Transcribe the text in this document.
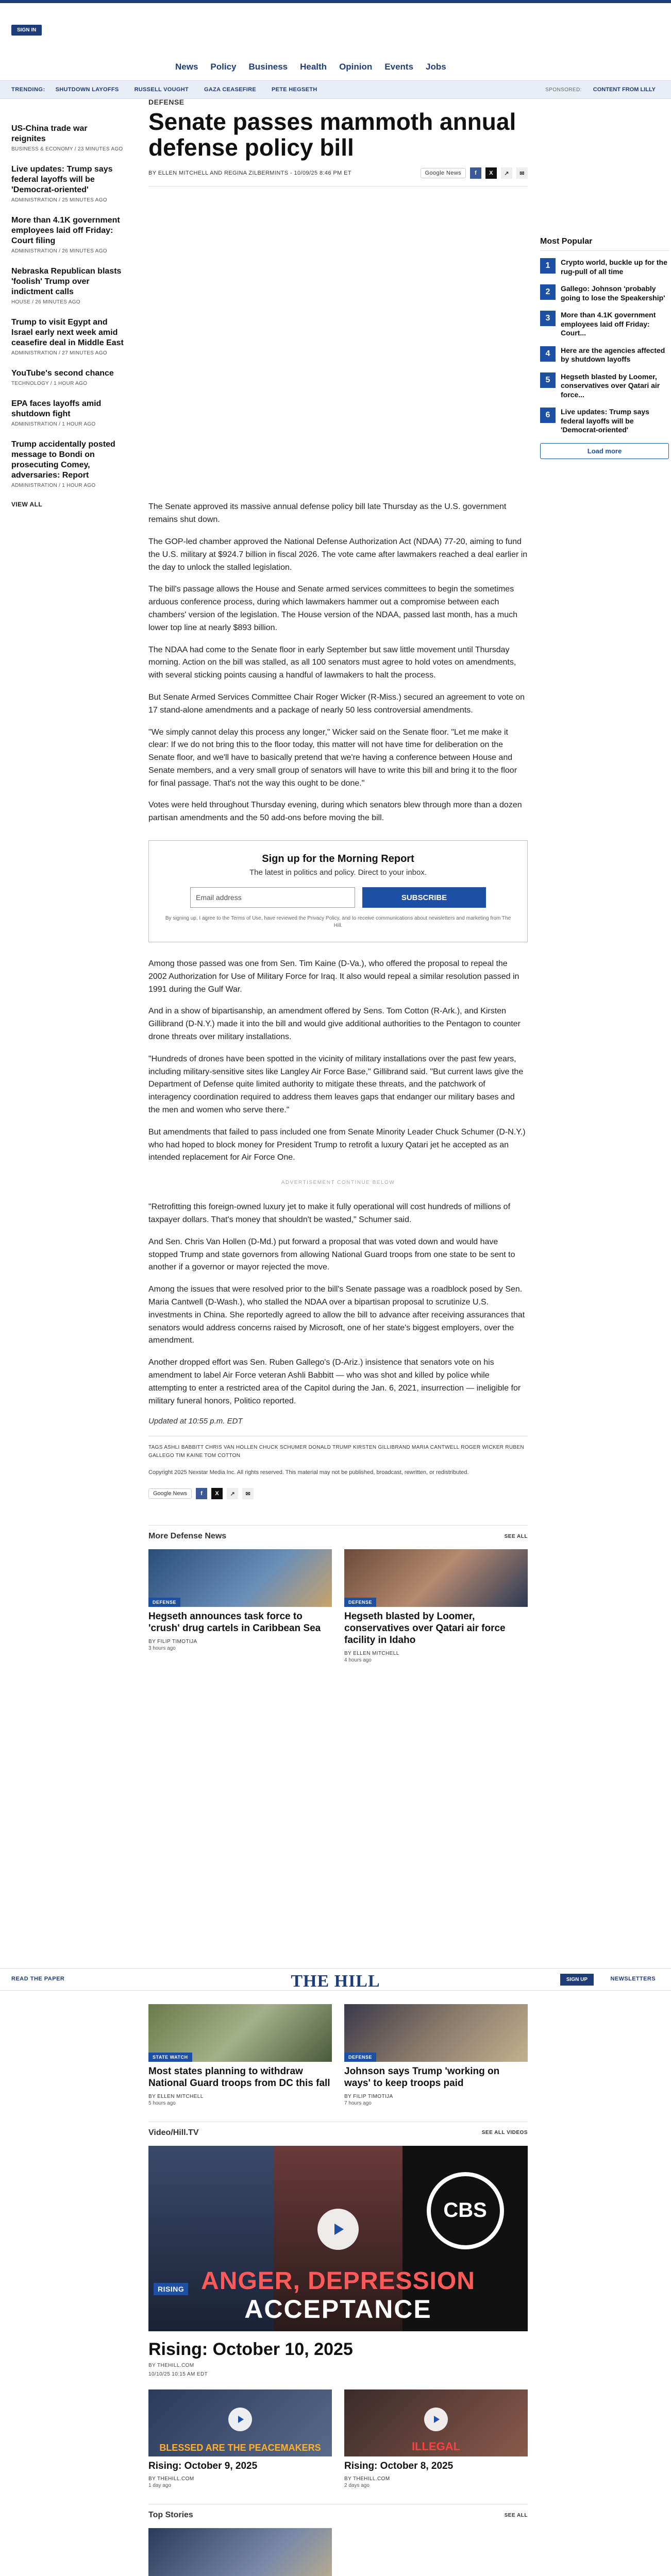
SIGN IN
News Policy Business Health Opinion Events Jobs
TRENDING: SHUTDOWN LAYOFFS	RUSSELL VOUGHT	GAZA CEASEFIRE	PETE HEGSETH	SPONSORED: CONTENT FROM LILLY
US-China trade war reignites
BUSINESS & ECONOMY / 23 MINUTES AGO
Live updates: Trump says federal layoffs will be 'Democrat-oriented'
ADMINISTRATION / 25 MINUTES AGO
More than 4.1K government employees laid off Friday: Court filing
ADMINISTRATION / 26 MINUTES AGO
Nebraska Republican blasts 'foolish' Trump over indictment calls
HOUSE / 26 MINUTES AGO
Trump to visit Egypt and Israel early next week amid ceasefire deal in Middle East
ADMINISTRATION / 27 MINUTES AGO
YouTube's second chance
TECHNOLOGY / 1 HOUR AGO
EPA faces layoffs amid shutdown fight
ADMINISTRATION / 1 HOUR AGO
Trump accidentally posted message to Bondi on prosecuting Comey, adversaries: Report
ADMINISTRATION / 1 HOUR AGO
VIEW ALL
DEFENSE
Senate passes mammoth annual defense policy bill
BY ELLEN MITCHELL AND REGINA ZILBERMINTS - 10/09/25 8:46 PM ET	Google News	f	X	↗	✉

The Senate approved its massive annual defense policy bill late Thursday as the U.S. government remains shut down.

The GOP-led chamber approved the National Defense Authorization Act (NDAA) 77-20, aiming to fund the U.S. military at $924.7 billion in fiscal 2026. The vote came after lawmakers reached a deal earlier in the day to unlock the stalled legislation.

The bill's passage allows the House and Senate armed services committees to begin the sometimes arduous conference process, during which lawmakers hammer out a compromise between each chambers' version of the legislation. The House version of the NDAA, passed last month, has a much lower top line at nearly $893 billion.

The NDAA had come to the Senate floor in early September but saw little movement until Thursday morning. Action on the bill was stalled, as all 100 senators must agree to hold votes on amendments, with several sticking points causing a handful of lawmakers to halt the process.

But Senate Armed Services Committee Chair Roger Wicker (R-Miss.) secured an agreement to vote on 17 stand-alone amendments and a package of nearly 50 less controversial amendments.

"We simply cannot delay this process any longer," Wicker said on the Senate floor. "Let me make it clear: If we do not bring this to the floor today, this matter will not have time for deliberation on the Senate floor, and we'll have to basically pretend that we're having a conference between House and Senate members, and a very small group of senators will have to write this bill and bring it to the floor for final passage. That's not the way this ought to be done."

Votes were held throughout Thursday evening, during which senators blew through more than a dozen partisan amendments and the 50 add-ons before moving the bill.

Sign up for the Morning Report
The latest in politics and policy. Direct to your inbox.
Email address	SUBSCRIBE
By signing up, I agree to the Terms of Use, have reviewed the Privacy Policy, and to receive communications about newsletters and marketing from The Hill.

Among those passed was one from Sen. Tim Kaine (D-Va.), who offered the proposal to repeal the 2002 Authorization for Use of Military Force for Iraq. It also would repeal a similar resolution passed in 1991 during the Gulf War.

And in a show of bipartisanship, an amendment offered by Sens. Tom Cotton (R-Ark.), and Kirsten Gillibrand (D-N.Y.) made it into the bill and would give additional authorities to the Pentagon to counter drone threats over military installations.

"Hundreds of drones have been spotted in the vicinity of military installations over the past few years, including military-sensitive sites like Langley Air Force Base," Gillibrand said. "But current laws give the Department of Defense quite limited authority to mitigate these threats, and the patchwork of interagency coordination required to address them leaves gaps that endanger our military bases and the men and women who serve there."

But amendments that failed to pass included one from Senate Minority Leader Chuck Schumer (D-N.Y.) who had hoped to block money for President Trump to retrofit a luxury Qatari jet he accepted as an intended replacement for Air Force One.

ADVERTISEMENT CONTINUE BELOW

"Retrofitting this foreign-owned luxury jet to make it fully operational will cost hundreds of millions of taxpayer dollars. That's money that shouldn't be wasted," Schumer said.

And Sen. Chris Van Hollen (D-Md.) put forward a proposal that was voted down and would have stopped Trump and state governors from allowing National Guard troops from one state to be sent to another if a governor or mayor rejected the move.

Among the issues that were resolved prior to the bill's Senate passage was a roadblock posed by Sen. Maria Cantwell (D-Wash.), who stalled the NDAA over a bipartisan proposal to scrutinize U.S. investments in China. She reportedly agreed to allow the bill to advance after receiving assurances that senators would address concerns raised by Microsoft, one of her state's biggest employers, over the amendment.

Another dropped effort was Sen. Ruben Gallego's (D-Ariz.) insistence that senators vote on his amendment to label Air Force veteran Ashli Babbitt — who was shot and killed by police while attempting to enter a restricted area of the Capitol during the Jan. 6, 2021, insurrection — ineligible for military funeral honors, Politico reported.

Updated at 10:55 p.m. EDT
TAGS ASHLI BABBITT CHRIS VAN HOLLEN CHUCK SCHUMER DONALD TRUMP KIRSTEN GILLIBRAND MARIA CANTWELL ROGER WICKER RUBEN GALLEGO TIM KAINE TOM COTTON
Copyright 2025 Nexstar Media Inc. All rights reserved. This material may not be published, broadcast, rewritten, or redistributed.
Google News	f	X	↗	✉
More Defense News	SEE ALL
DEFENSE
Hegseth announces task force to 'crush' drug cartels in Caribbean Sea
BY FILIP TIMOTIJA
3 hours ago
DEFENSE
Hegseth blasted by Loomer, conservatives over Qatari air force facility in Idaho
BY ELLEN MITCHELL
4 hours ago
READ THE PAPER	THE HILL	SIGN UP	NEWSLETTERS
STATE WATCH
Most states planning to withdraw National Guard troops from DC this fall
BY ELLEN MITCHELL
5 hours ago
DEFENSE
Johnson says Trump 'working on ways' to keep troops paid
BY FILIP TIMOTIJA
7 hours ago
Video/Hill.TV	SEE ALL VIDEOS
CBS
ANGER, DEPRESSION
ACCEPTANCE
RISING
Rising: October 10, 2025
BY THEHILL.COM
10/10/25 10:15 AM EDT
BLESSED ARE THE PEACEMAKERS
Rising: October 9, 2025
BY THEHILL.COM
1 day ago
ILLEGAL
Rising: October 8, 2025
BY THEHILL.COM
2 days ago
Top Stories	SEE ALL
Most Popular
1	Crypto world, buckle up for the rug-pull of all time
2	Gallego: Johnson 'probably going to lose the Speakership'
3	More than 4.1K government employees laid off Friday: Court...
4	Here are the agencies affected by shutdown layoffs
5	Hegseth blasted by Loomer, conservatives over Qatari air force...
6	Live updates: Trump says federal layoffs will be 'Democrat-oriented'
Load more
